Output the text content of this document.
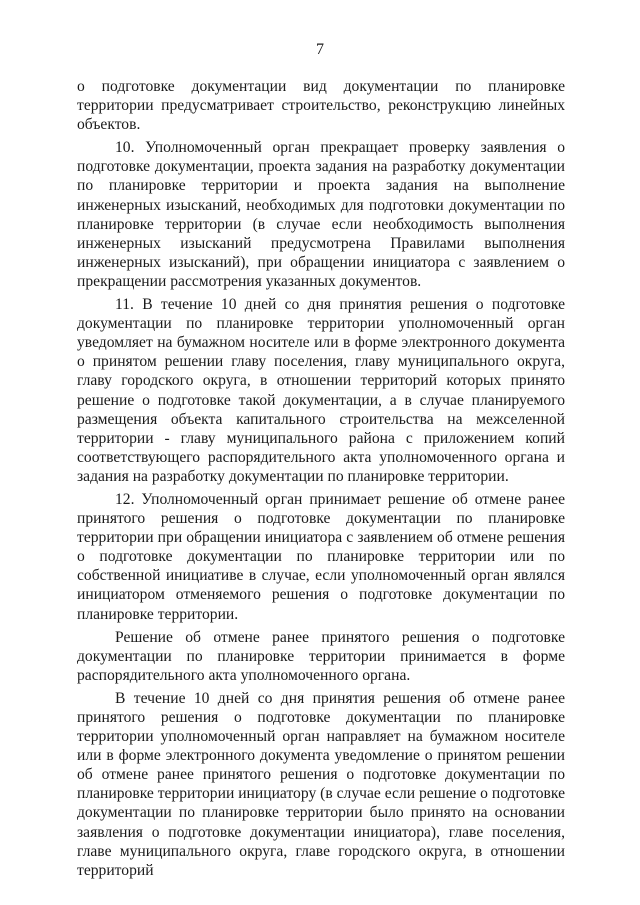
7

о подготовке документации вид документации по планировке территории предусматривает строительство, реконструкцию линейных объектов.

10. Уполномоченный орган прекращает проверку заявления о подготовке документации, проекта задания на разработку документации по планировке территории и проекта задания на выполнение инженерных изысканий, необходимых для подготовки документации по планировке территории (в случае если необходимость выполнения инженерных изысканий предусмотрена Правилами выполнения инженерных изысканий), при обращении инициатора с заявлением о прекращении рассмотрения указанных документов.

11. В течение 10 дней со дня принятия решения о подготовке документации по планировке территории уполномоченный орган уведомляет на бумажном носителе или в форме электронного документа о принятом решении главу поселения, главу муниципального округа, главу городского округа, в отношении территорий которых принято решение о подготовке такой документации, а в случае планируемого размещения объекта капитального строительства на межселенной территории - главу муниципального района с приложением копий соответствующего распорядительного акта уполномоченного органа и задания на разработку документации по планировке территории.

12. Уполномоченный орган принимает решение об отмене ранее принятого решения о подготовке документации по планировке территории при обращении инициатора с заявлением об отмене решения о подготовке документации по планировке территории или по собственной инициативе в случае, если уполномоченный орган являлся инициатором отменяемого решения о подготовке документации по планировке территории.

Решение об отмене ранее принятого решения о подготовке документации по планировке территории принимается в форме распорядительного акта уполномоченного органа.

В течение 10 дней со дня принятия решения об отмене ранее принятого решения о подготовке документации по планировке территории уполномоченный орган направляет на бумажном носителе или в форме электронного документа уведомление о принятом решении об отмене ранее принятого решения о подготовке документации по планировке территории инициатору (в случае если решение о подготовке документации по планировке территории было принято на основании заявления о подготовке документации инициатора), главе поселения, главе муниципального округа, главе городского округа, в отношении территорий
